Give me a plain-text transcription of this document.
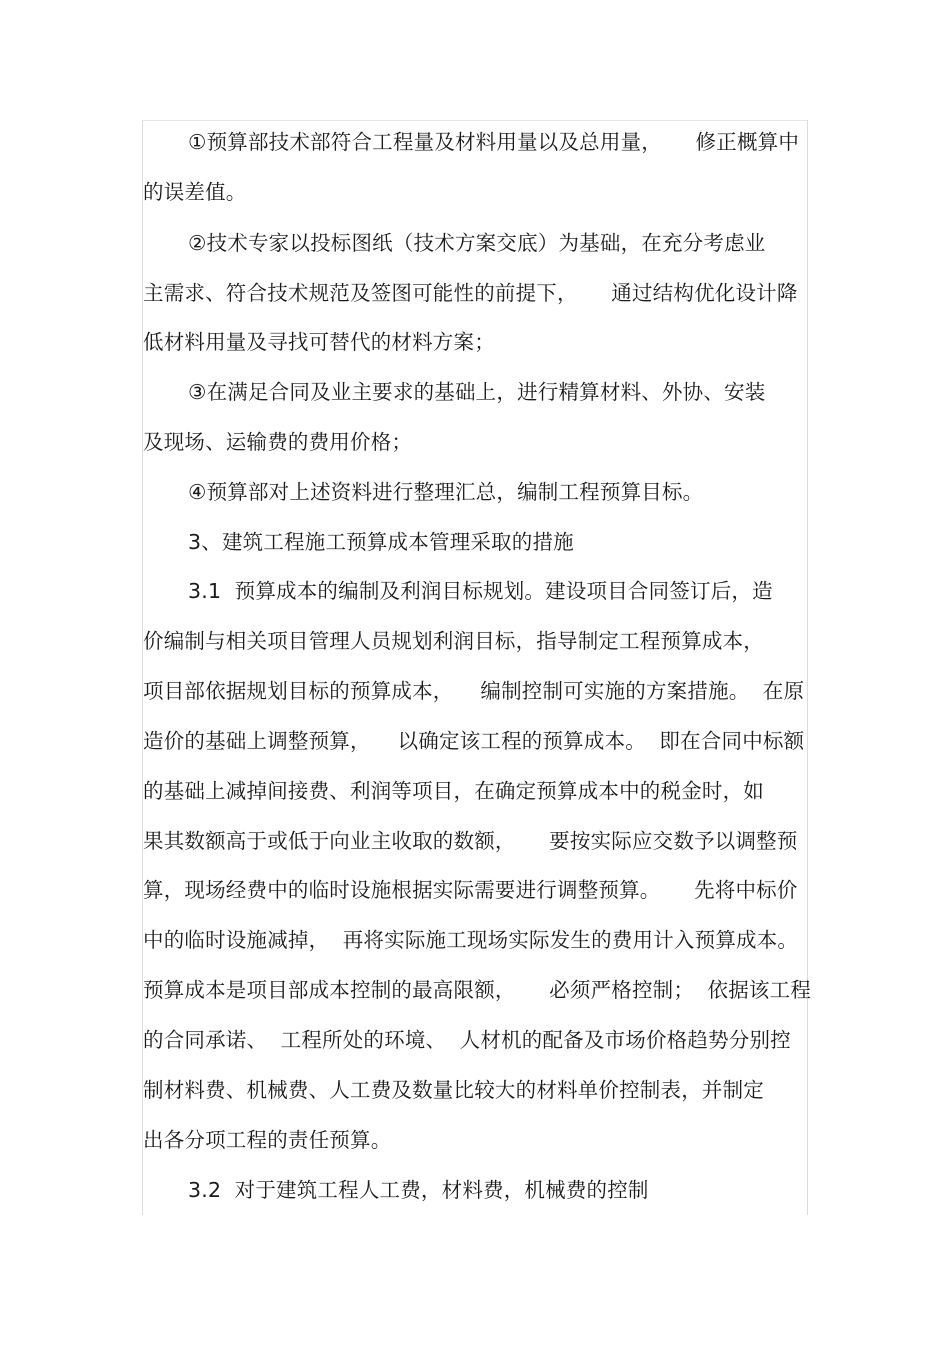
①预算部技术部符合工程量及材料用量以及总用量，     修正概算中
的误差值。
②技术专家以投标图纸（技术方案交底）为基础，在充分考虑业
主需求、符合技术规范及签图可能性的前提下，     通过结构优化设计降
低材料用量及寻找可替代的材料方案；
③在满足合同及业主要求的基础上，进行精算材料、外协、安装
及现场、运输费的费用价格；
④预算部对上述资料进行整理汇总，编制工程预算目标。
3、建筑工程施工预算成本管理采取的措施
3.1  预算成本的编制及利润目标规划。建设项目合同签订后，造
价编制与相关项目管理人员规划利润目标，指导制定工程预算成本，
项目部依据规划目标的预算成本，    编制控制可实施的方案措施。  在原
造价的基础上调整预算，    以确定该工程的预算成本。  即在合同中标额
的基础上减掉间接费、利润等项目，在确定预算成本中的税金时，如
果其数额高于或低于向业主收取的数额，     要按实际应交数予以调整预
算，现场经费中的临时设施根据实际需要进行调整预算。     先将中标价
中的临时设施减掉，  再将实际施工现场实际发生的费用计入预算成本。
预算成本是项目部成本控制的最高限额，     必须严格控制；  依据该工程
的合同承诺、  工程所处的环境、  人材机的配备及市场价格趋势分别控
制材料费、机械费、人工费及数量比较大的材料单价控制表，并制定
出各分项工程的责任预算。
3.2  对于建筑工程人工费，材料费，机械费的控制
